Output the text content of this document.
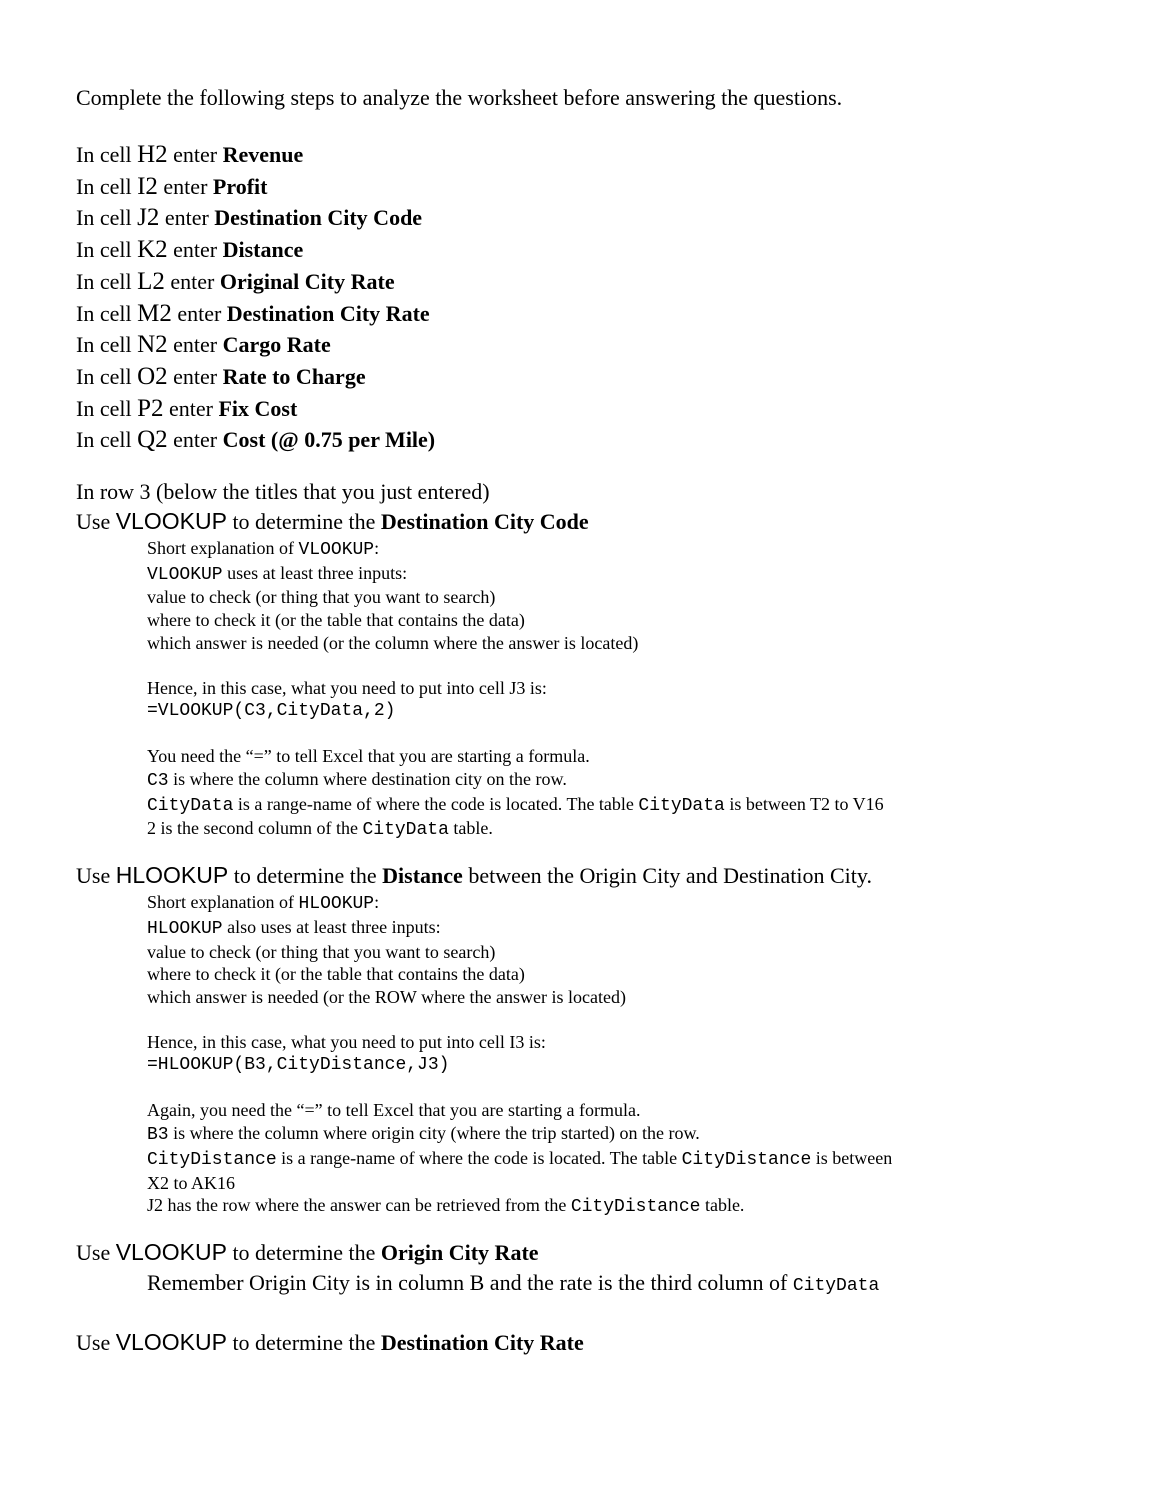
Complete the following steps to analyze the worksheet before answering the questions.

In cell H2 enter Revenue
In cell I2 enter Profit
In cell J2 enter Destination City Code
In cell K2 enter Distance
In cell L2 enter Original City Rate
In cell M2 enter Destination City Rate
In cell N2 enter Cargo Rate
In cell O2 enter Rate to Charge
In cell P2 enter Fix Cost
In cell Q2 enter Cost (@ 0.75 per Mile)
In row 3 (below the titles that you just entered)
Use VLOOKUP to determine the Destination City Code
Short explanation of VLOOKUP:
VLOOKUP uses at least three inputs:
value to check (or thing that you want to search)
where to check it (or the table that contains the data)
which answer is needed (or the column where the answer is located)
Hence, in this case, what you need to put into cell J3 is:
=VLOOKUP(C3,CityData,2)
You need the “=” to tell Excel that you are starting a formula.
C3 is where the column where destination city on the row.
CityData is a range-name of where the code is located. The table CityData is between T2 to V16
2 is the second column of the CityData table.
Use HLOOKUP to determine the Distance between the Origin City and Destination City.
Short explanation of HLOOKUP:
HLOOKUP also uses at least three inputs:
value to check (or thing that you want to search)
where to check it (or the table that contains the data)
which answer is needed (or the ROW where the answer is located)
Hence, in this case, what you need to put into cell I3 is:
=HLOOKUP(B3,CityDistance,J3)
Again, you need the “=” to tell Excel that you are starting a formula.
B3 is where the column where origin city (where the trip started) on the row.
CityDistance is a range-name of where the code is located. The table CityDistance is between
X2 to AK16
J2 has the row where the answer can be retrieved from the CityDistance table.
Use VLOOKUP to determine the Origin City Rate
Remember Origin City is in column B and the rate is the third column of CityData
Use VLOOKUP to determine the Destination City Rate
